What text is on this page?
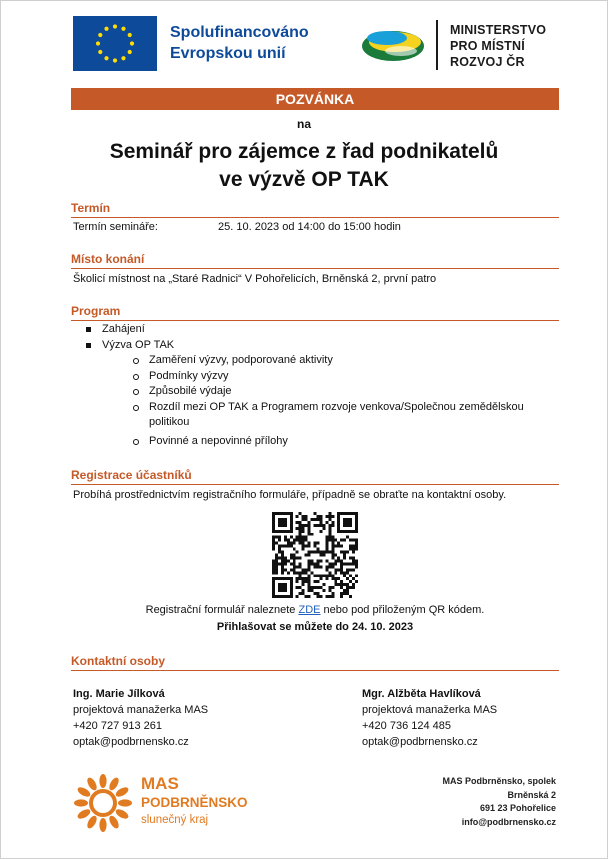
Spolufinancováno
Evropskou unií
MINISTERSTVO
PRO MÍSTNÍ
ROZVOJ ČR
POZVÁNKA
na
Seminář pro zájemce z řad podnikatelů
ve výzvě OP TAK
Termín
Termín semináře:	25. 10. 2023 od 14:00 do 15:00 hodin
Místo konání
Školicí místnost na „Staré Radnici“ V Pohořelicích, Brněnská 2, první patro
Program
Zahájení
Výzva OP TAK
Zaměření výzvy, podporované aktivity
Podmínky výzvy
Způsobilé výdaje
Rozdíl mezi OP TAK a Programem rozvoje venkova/Společnou zemědělskou politikou
Povinné a nepovinné přílohy
Registrace účastníků
Probíhá prostřednictvím registračního formuláře, případně se obraťte na kontaktní osoby.
Registrační formulář naleznete ZDE nebo pod přiloženým QR kódem.
Přihlašovat se můžete do 24. 10. 2023
Kontaktní osoby
Ing. Marie Jílková
projektová manažerka MAS
+420 727 913 261
optak@podbrnensko.cz
Mgr. Alžběta Havlíková
projektová manažerka MAS
+420 736 124 485
optak@podbrnensko.cz
MAS
PODBRNĚNSKO
slunečný kraj
MAS Podbrněnsko, spolek
Brněnská 2
691 23 Pohořelice
info@podbrnensko.cz
